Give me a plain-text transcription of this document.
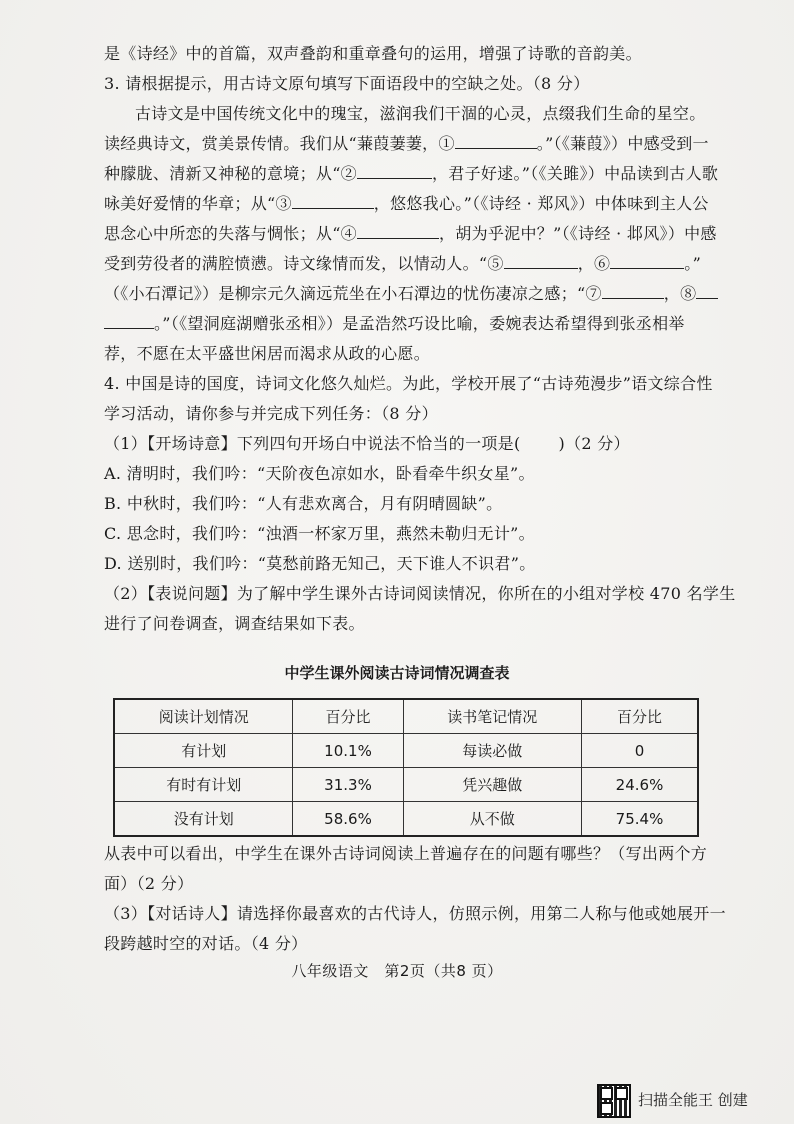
是《诗经》中的首篇，双声叠韵和重章叠句的运用，增强了诗歌的音韵美。
3. 请根据提示，用古诗文原句填写下面语段中的空缺之处。（8 分）
古诗文是中国传统文化中的瑰宝，滋润我们干涸的心灵，点缀我们生命的星空。
读经典诗文，赏美景传情。我们从“蒹葭萋萋，①	。”（《蒹葭》）中感受到一
种朦胧、清新又神秘的意境；从“②	，君子好逑。”（《关雎》）中品读到古人歌
咏美好爱情的华章；从“③	，悠悠我心。”（《诗经 · 郑风》）中体味到主人公
思念心中所恋的失落与惆怅；从“④	，胡为乎泥中？”（《诗经 · 邶风》）中感
受到劳役者的满腔愤懑。诗文缘情而发，以情动人。“⑤	，⑥	。”
（《小石潭记》）是柳宗元久滴远荒坐在小石潭边的忧伤凄凉之感；“⑦	，⑧
。”（《望洞庭湖赠张丞相》）是孟浩然巧设比喻，委婉表达希望得到张丞相举
荐，不愿在太平盛世闲居而渴求从政的心愿。
4. 中国是诗的国度，诗词文化悠久灿烂。为此，学校开展了“古诗苑漫步”语文综合性
学习活动，请你参与并完成下列任务：（8 分）
（1）【开场诗意】下列四句开场白中说法不恰当的一项是( )（2 分）
A. 清明时，我们吟：“天阶夜色凉如水，卧看牵牛织女星”。
B. 中秋时，我们吟：“人有悲欢离合，月有阴晴圆缺”。
C. 思念时，我们吟：“浊酒一杯家万里，燕然未勒归无计”。
D. 送别时，我们吟：“莫愁前路无知己，天下谁人不识君”。
（2）【表说问题】为了解中学生课外古诗词阅读情况，你所在的小组对学校 470 名学生
进行了问卷调查，调查结果如下表。
中学生课外阅读古诗词情况调查表
阅读计划情况	百分比	读书笔记情况	百分比
有计划	10.1%	每读必做	0
有时有计划	31.3%	凭兴趣做	24.6%
没有计划	58.6%	从不做	75.4%
从表中可以看出，中学生在课外古诗词阅读上普遍存在的问题有哪些？（写出两个方
面）（2 分）
（3）【对话诗人】请选择你最喜欢的古代诗人，仿照示例，用第二人称与他或她展开一
段跨越时空的对话。（4 分）
八年级语文　第2页（共8 页）
扫描全能王 创建
